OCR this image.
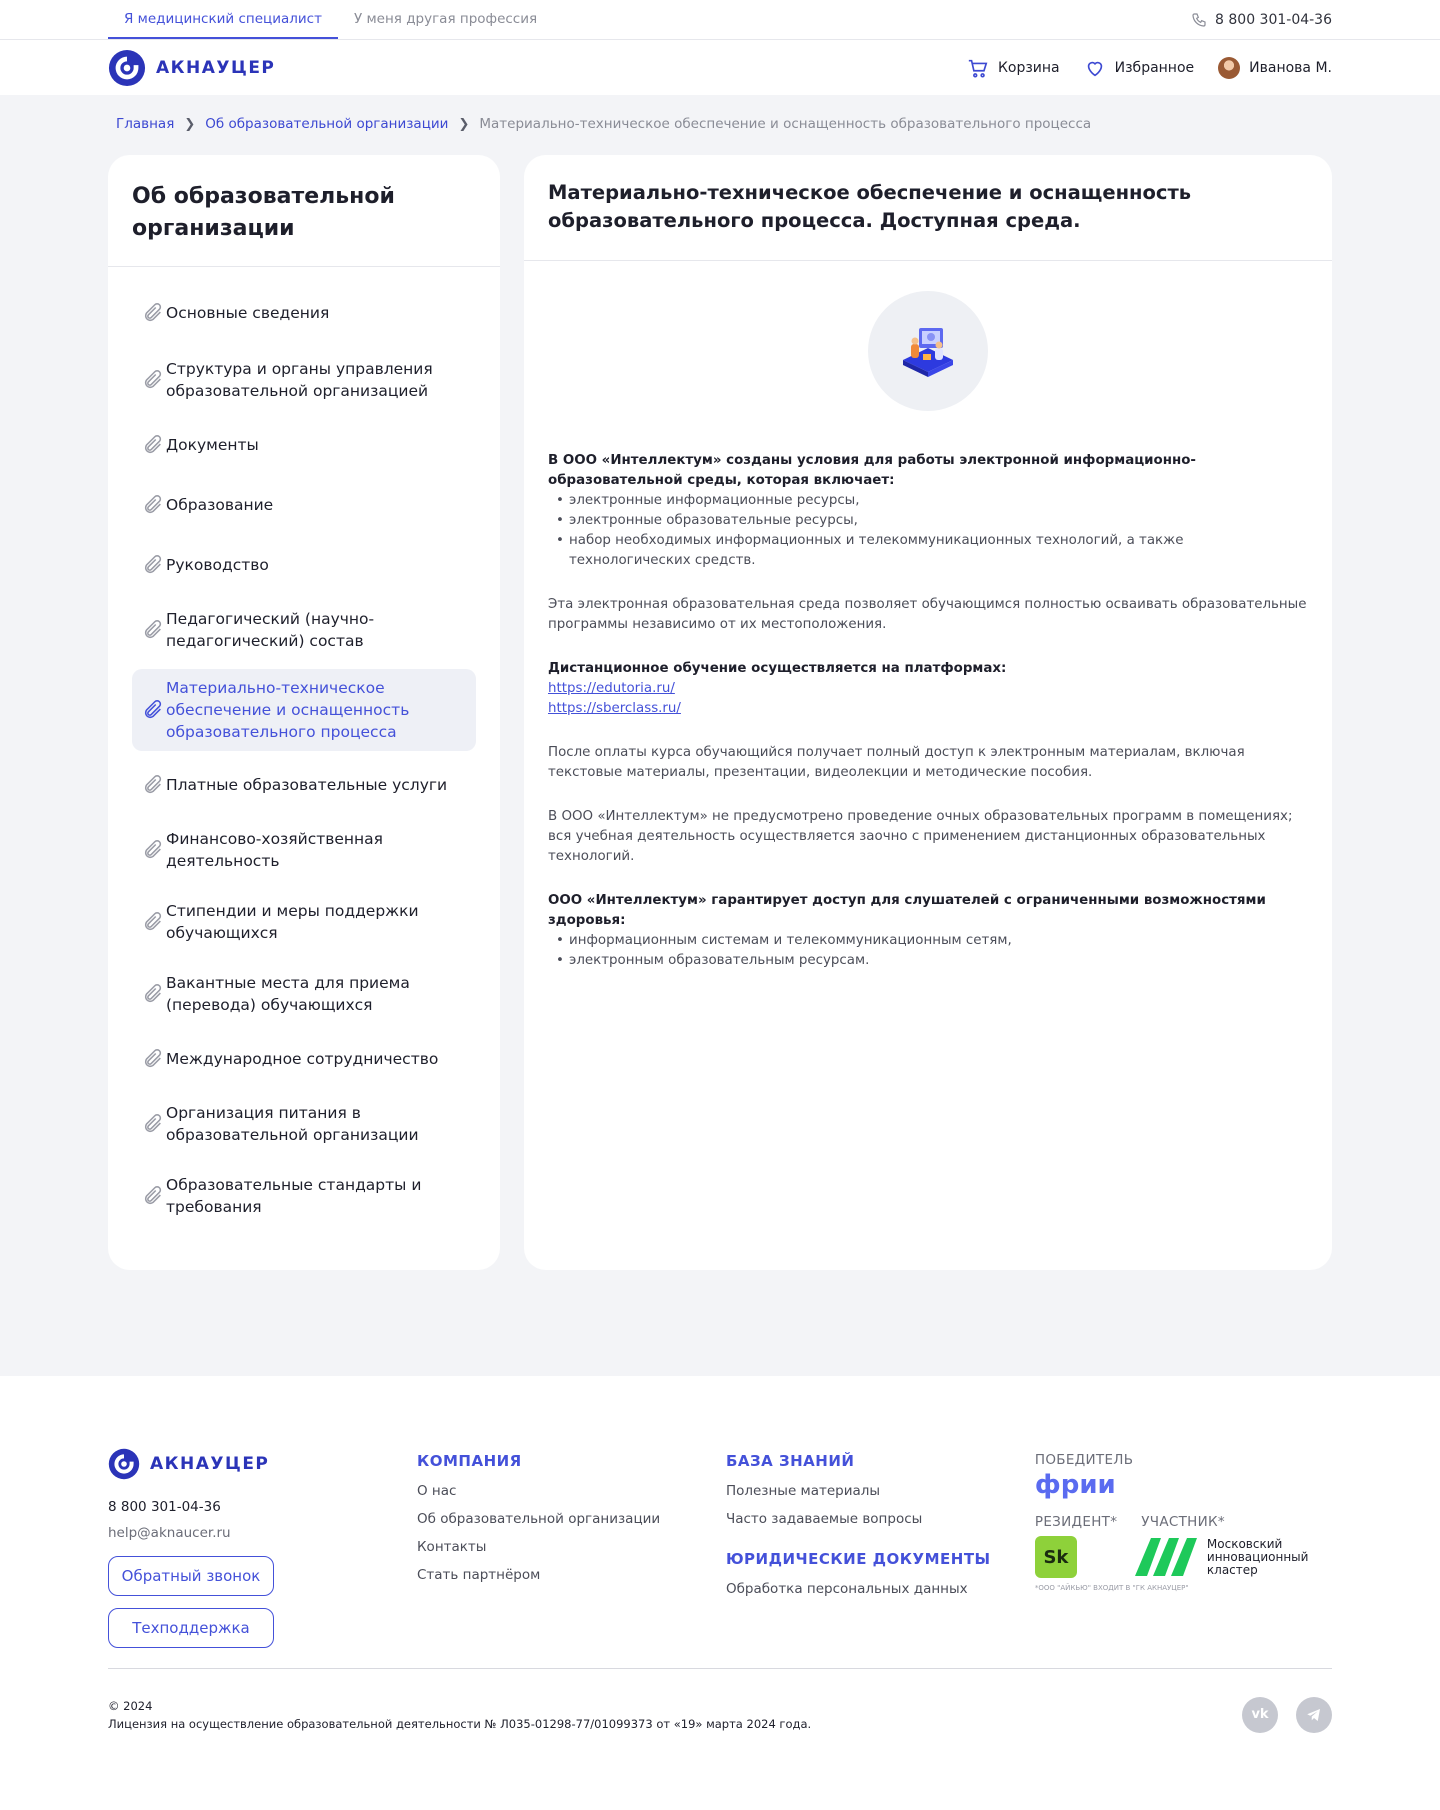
Я медицинский специалист	У меня другая профессия	8 800 301-04-36
АКНАУЦЕР	Корзина	Избранное	Иванова М.
Главная ❯ Об образовательной организации ❯ Материально-техническое обеспечение и оснащенность образовательного процесса
Об образовательной организации
Основные сведения
Структура и органы управления образовательной организацией
Документы
Образование
Руководство
Педагогический (научно-педагогический) состав
Материально-техническое обеспечение и оснащенность образовательного процесса
Платные образовательные услуги
Финансово-хозяйственная деятельность
Стипендии и меры поддержки обучающихся
Вакантные места для приема (перевода) обучающихся
Международное сотрудничество
Организация питания в образовательной организации
Образовательные стандарты и требования
Материально-техническое обеспечение и оснащенность образовательного процесса. Доступная среда.
В ООО «Интеллектум» созданы условия для работы электронной информационно-образовательной среды, которая включает:
• электронные информационные ресурсы,
• электронные образовательные ресурсы,
• набор необходимых информационных и телекоммуникационных технологий, а также технологических средств.

Эта электронная образовательная среда позволяет обучающимся полностью осваивать образовательные программы независимо от их местоположения.

Дистанционное обучение осуществляется на платформах:
https://edutoria.ru/
https://sberclass.ru/

После оплаты курса обучающийся получает полный доступ к электронным материалам, включая текстовые материалы, презентации, видеолекции и методические пособия.

В ООО «Интеллектум» не предусмотрено проведение очных образовательных программ в помещениях; вся учебная деятельность осуществляется заочно с применением дистанционных образовательных технологий.

ООО «Интеллектум» гарантирует доступ для слушателей с ограниченными возможностями здоровья:
• информационным системам и телекоммуникационным сетям,
• электронным образовательным ресурсам.
АКНАУЦЕР
8 800 301-04-36
help@aknaucer.ru
Обратный звонок
Техподдержка
КОМПАНИЯ
О нас
Об образовательной организации
Контакты
Стать партнёром
БАЗА ЗНАНИЙ
Полезные материалы
Часто задаваемые вопросы
ЮРИДИЧЕСКИЕ ДОКУМЕНТЫ
Обработка персональных данных
ПОБЕДИТЕЛЬ
фрии
РЕЗИДЕНТ* УЧАСТНИК*
Sk
Московский инновационный кластер
*ООО "АЙКЬЮ" ВХОДИТ В "ГК АКНАУЦЕР"
© 2024
Лицензия на осуществление образовательной деятельности № Л035-01298-77/01099373 от «19» марта 2024 года.
vk
